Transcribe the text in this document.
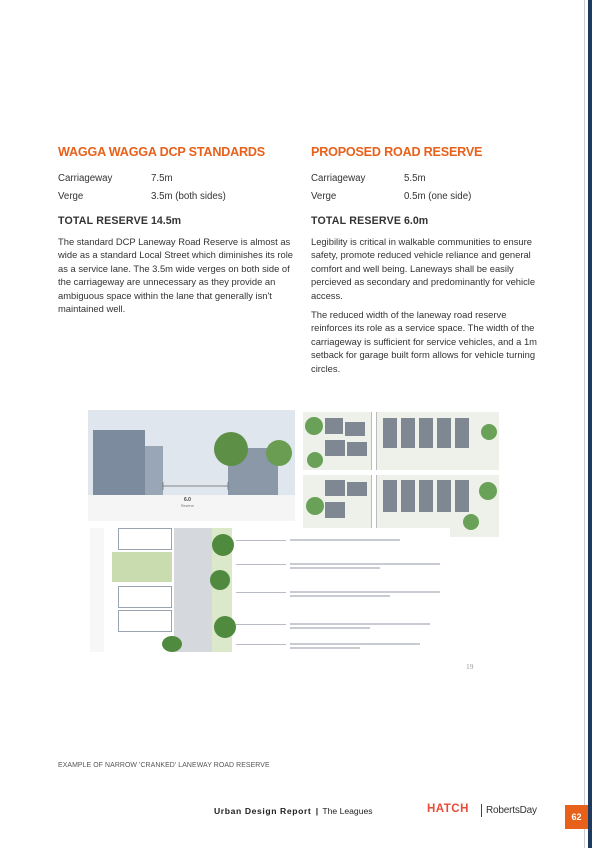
WAGGA WAGGA DCP STANDARDS
Carriageway	7.5m
Verge	3.5m (both sides)
TOTAL RESERVE 14.5m

The standard DCP Laneway Road Reserve is almost as wide as a standard Local Street which diminishes its role as a service lane. The 3.5m wide verges on both side of the carriageway are unnecessary as they provide an ambiguous space within the lane that generally isn't maintained well.

PROPOSED ROAD RESERVE
Carriageway	5.5m
Verge	0.5m (one side)
TOTAL RESERVE 6.0m

Legibility is critical in walkable communities to ensure safety, promote reduced vehicle reliance and general comfort and well being. Laneways shall be easily percieved as secondary and predominantly for vehicle access.

The reduced width of the laneway road reserve reinforces its role as a service space. The width of the carriageway is sufficient for service vehicles, and a 1m setback for garage built form allows for vehicle turning circles.

6.0
Reserve
19
EXAMPLE OF NARROW 'CRANKED' LANEWAY ROAD RESERVE
Urban Design Report | The Leagues	HATCH RobertsDay
62
